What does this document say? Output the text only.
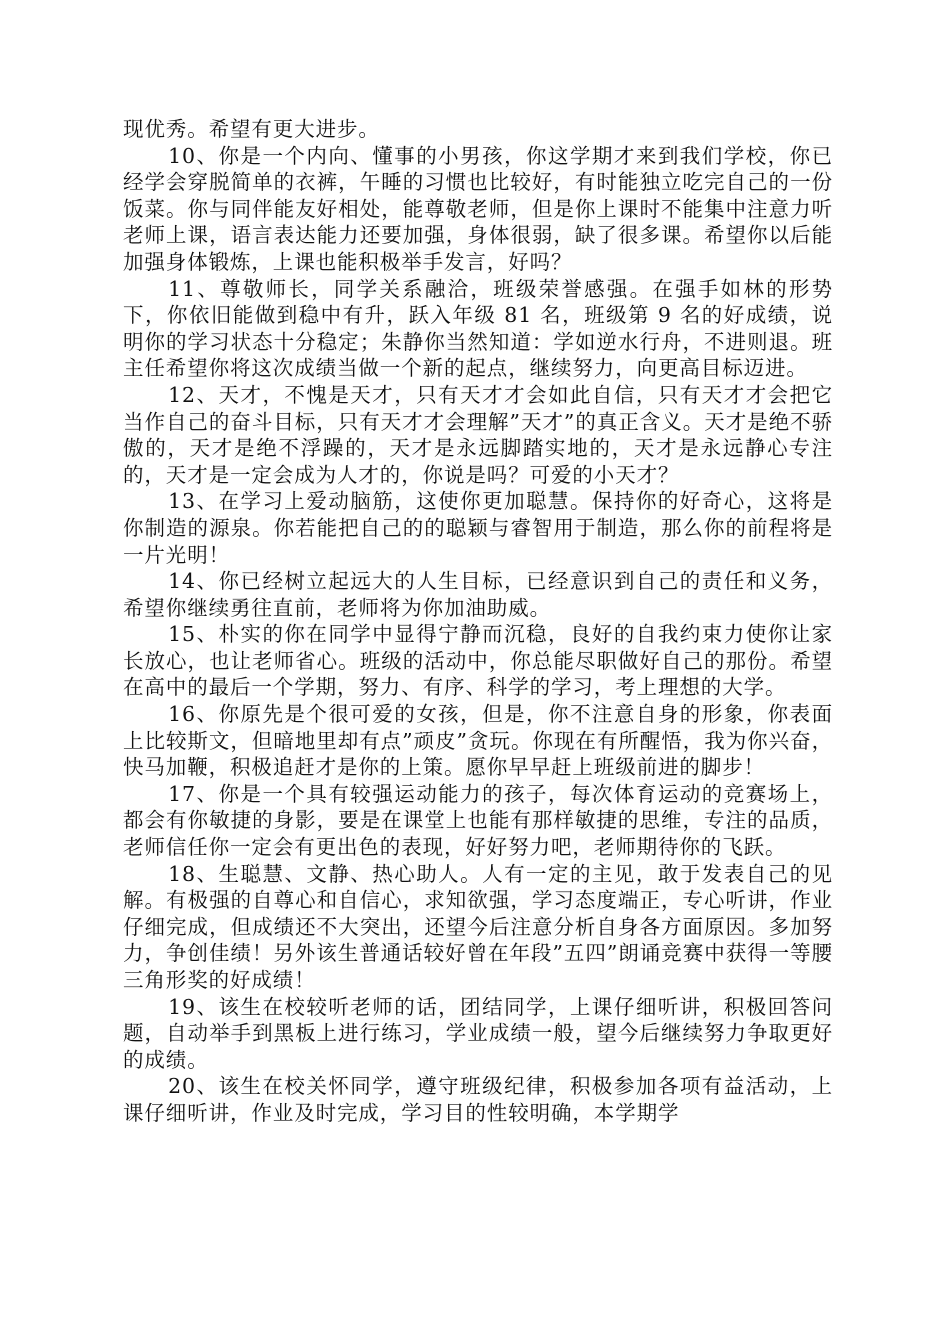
现优秀。希望有更大进步。

10、你是一个内向、懂事的小男孩，你这学期才来到我们学校，你已经学会穿脱简单的衣裤，午睡的习惯也比较好，有时能独立吃完自己的一份饭菜。你与同伴能友好相处，能尊敬老师，但是你上课时不能集中注意力听老师上课，语言表达能力还要加强，身体很弱，缺了很多课。希望你以后能加强身体锻炼，上课也能积极举手发言，好吗？

11、尊敬师长，同学关系融洽，班级荣誉感强。在强手如林的形势下，你依旧能做到稳中有升，跃入年级 81 名，班级第 9 名的好成绩，说明你的学习状态十分稳定；朱静你当然知道：学如逆水行舟，不进则退。班主任希望你将这次成绩当做一个新的起点，继续努力，向更高目标迈进。

12、天才，不愧是天才，只有天才才会如此自信，只有天才才会把它当作自己的奋斗目标，只有天才才会理解”天才”的真正含义。天才是绝不骄傲的，天才是绝不浮躁的，天才是永远脚踏实地的，天才是永远静心专注的，天才是一定会成为人才的，你说是吗？可爱的小天才？

13、在学习上爱动脑筋，这使你更加聪慧。保持你的好奇心，这将是你制造的源泉。你若能把自己的的聪颖与睿智用于制造，那么你的前程将是一片光明！

14、你已经树立起远大的人生目标，已经意识到自己的责任和义务，希望你继续勇往直前，老师将为你加油助威。

15、朴实的你在同学中显得宁静而沉稳，良好的自我约束力使你让家长放心，也让老师省心。班级的活动中，你总能尽职做好自己的那份。希望在高中的最后一个学期，努力、有序、科学的学习，考上理想的大学。

16、你原先是个很可爱的女孩，但是，你不注意自身的形象，你表面上比较斯文，但暗地里却有点”顽皮”贪玩。你现在有所醒悟，我为你兴奋，快马加鞭，积极追赶才是你的上策。愿你早早赶上班级前进的脚步！

17、你是一个具有较强运动能力的孩子，每次体育运动的竞赛场上，都会有你敏捷的身影，要是在课堂上也能有那样敏捷的思维，专注的品质，老师信任你一定会有更出色的表现，好好努力吧，老师期待你的飞跃。

18、生聪慧、文静、热心助人。人有一定的主见，敢于发表自己的见解。有极强的自尊心和自信心，求知欲强，学习态度端正，专心听讲，作业仔细完成，但成绩还不大突出，还望今后注意分析自身各方面原因。多加努力，争创佳绩！另外该生普通话较好曾在年段”五四”朗诵竞赛中获得一等腰三角形奖的好成绩！

19、该生在校较听老师的话，团结同学，上课仔细听讲，积极回答问题，自动举手到黑板上进行练习，学业成绩一般，望今后继续努力争取更好的成绩。

20、该生在校关怀同学，遵守班级纪律，积极参加各项有益活动，上课仔细听讲，作业及时完成，学习目的性较明确，本学期学
